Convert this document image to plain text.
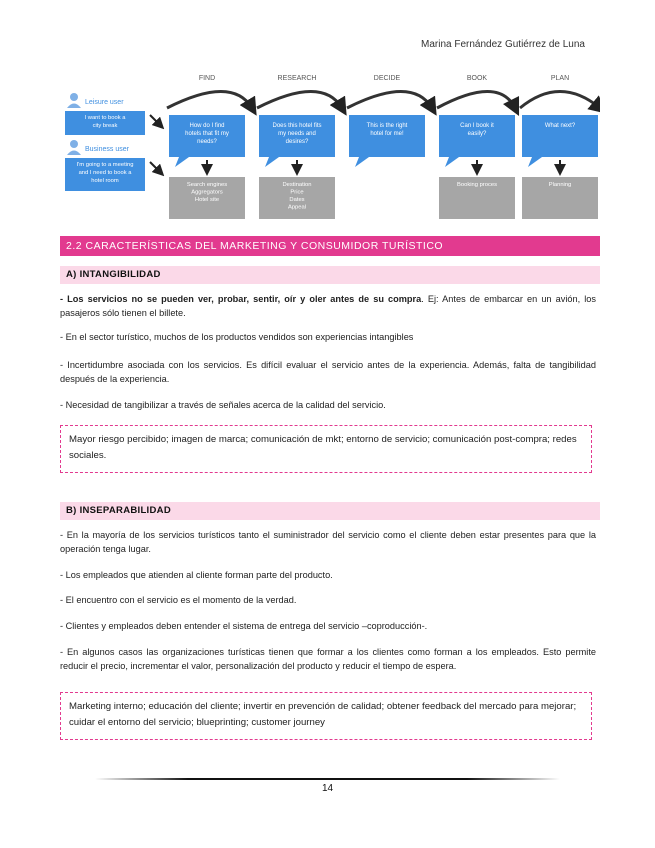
Marina Fernández Gutiérrez de Luna
Leisure user
I want to book a
city break
Business user
I'm going to a meeting
and I need to book a
hotel room
FIND
How do I find
hotels that fit my
needs?
Search engines
Aggregators
Hotel site
RESEARCH
Does this hotel fits
my needs and
desires?
Destination
Price
Dates
Appeal
DECIDE
This is the right
hotel for me!
BOOK
Can I book it
easily?
Booking proces
PLAN
What next?
Planning
2.2 CARACTERÍSTICAS DEL MARKETING Y CONSUMIDOR TURÍSTICO
A) INTANGIBILIDAD
- Los servicios no se pueden ver, probar, sentir, oír y oler antes de su compra. Ej: Antes de embarcar en un avión, los pasajeros sólo tienen el billete.
- En el sector turístico, muchos de los productos vendidos son experiencias intangibles
- Incertidumbre asociada con los servicios. Es difícil evaluar el servicio antes de la experiencia. Además, falta de tangibilidad después de la experiencia.
- Necesidad de tangibilizar a través de señales acerca de la calidad del servicio.
Mayor riesgo percibido; imagen de marca; comunicación de mkt; entorno de servicio; comunicación post-compra; redes sociales.
B) INSEPARABILIDAD
- En la mayoría de los servicios turísticos tanto el suministrador del servicio como el cliente deben estar presentes para que la operación tenga lugar.
- Los empleados que atienden al cliente forman parte del producto.
- El encuentro con el servicio es el momento de la verdad.
- Clientes y empleados deben entender el sistema de entrega del servicio –coproducción-.
- En algunos casos las organizaciones turísticas tienen que formar a los clientes como forman a los empleados. Esto permite reducir el precio, incrementar el valor, personalización del producto y reducir el tiempo de espera.
Marketing interno; educación del cliente; invertir en prevención de calidad; obtener feedback del mercado para mejorar; cuidar el entorno del servicio; blueprinting; customer journey
14
